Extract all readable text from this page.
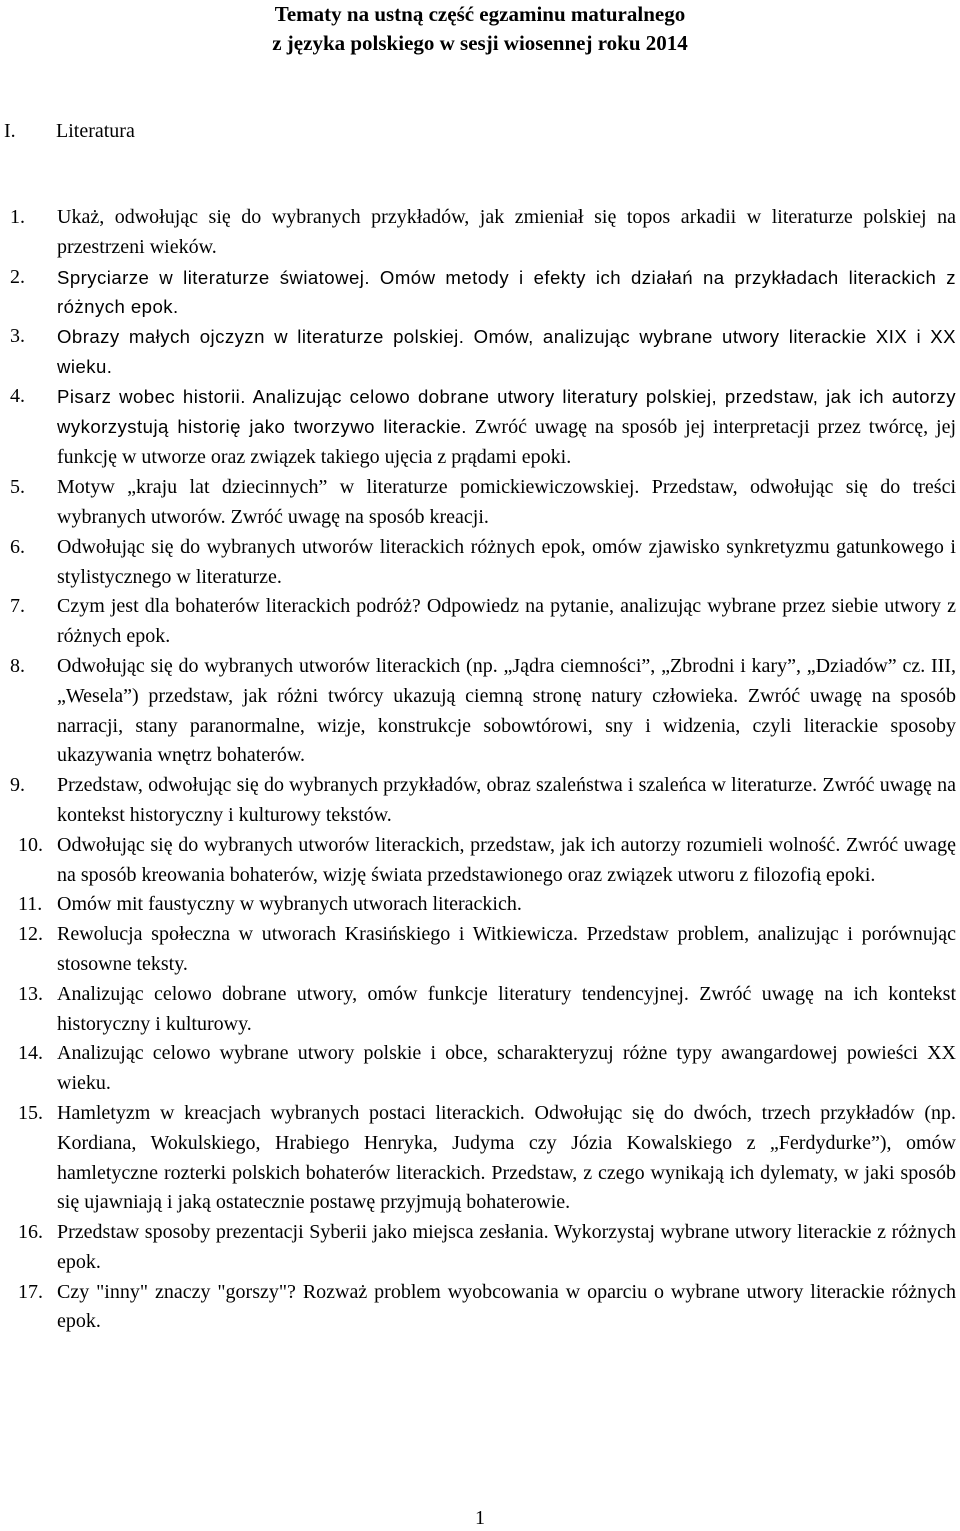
Tematy na ustną część egzaminu maturalnego
z języka polskiego w sesji wiosennej roku 2014
I. Literatura
1. Ukaż, odwołując się do wybranych przykładów, jak zmieniał się topos arkadii w literaturze polskiej na przestrzeni wieków.
2. Spryciarze w literaturze światowej. Omów metody i efekty ich działań na przykładach literackich z różnych epok.
3. Obrazy małych ojczyzn w literaturze polskiej. Omów, analizując wybrane utwory literackie XIX i XX wieku.
4. Pisarz wobec historii. Analizując celowo dobrane utwory literatury polskiej, przedstaw, jak ich autorzy wykorzystują historię jako tworzywo literackie. Zwróć uwagę na sposób jej interpretacji przez twórcę, jej funkcję w utworze oraz związek takiego ujęcia z prądami epoki.
5. Motyw „kraju lat dziecinnych” w literaturze pomickiewiczowskiej. Przedstaw, odwołując się do treści wybranych utworów. Zwróć uwagę na sposób kreacji.
6. Odwołując się do wybranych utworów literackich różnych epok, omów zjawisko synkretyzmu gatunkowego i stylistycznego w literaturze.
7. Czym jest dla bohaterów literackich podróż? Odpowiedz na pytanie, analizując wybrane przez siebie utwory z różnych epok.
8. Odwołując się do wybranych utworów literackich (np. „Jądra ciemności”, „Zbrodni i kary”, „Dziadów” cz. III, „Wesela”) przedstaw, jak różni twórcy ukazują ciemną stronę natury człowieka. Zwróć uwagę na sposób narracji, stany paranormalne, wizje, konstrukcje sobowtórowi, sny i widzenia, czyli literackie sposoby ukazywania wnętrz bohaterów.
9. Przedstaw, odwołując się do wybranych przykładów, obraz szaleństwa i szaleńca w literaturze. Zwróć uwagę na kontekst historyczny i kulturowy tekstów.
10. Odwołując się do wybranych utworów literackich, przedstaw, jak ich autorzy rozumieli wolność. Zwróć uwagę na sposób kreowania bohaterów, wizję świata przedstawionego oraz związek utworu z filozofią epoki.
11. Omów mit faustyczny w wybranych utworach literackich.
12. Rewolucja społeczna w utworach Krasińskiego i Witkiewicza. Przedstaw problem, analizując i porównując stosowne teksty.
13. Analizując celowo dobrane utwory, omów funkcje literatury tendencyjnej. Zwróć uwagę na ich kontekst historyczny i kulturowy.
14. Analizując celowo wybrane utwory polskie i obce, scharakteryzuj różne typy awangardowej powieści XX wieku.
15. Hamletyzm w kreacjach wybranych postaci literackich. Odwołując się do dwóch, trzech przykładów (np. Kordiana, Wokulskiego, Hrabiego Henryka, Judyma czy Józia Kowalskiego z „Ferdydurke”), omów hamletyczne rozterki polskich bohaterów literackich. Przedstaw, z czego wynikają ich dylematy, w jaki sposób się ujawniają i jaką ostatecznie postawę przyjmują bohaterowie.
16. Przedstaw sposoby prezentacji Syberii jako miejsca zesłania. Wykorzystaj wybrane utwory literackie z różnych epok.
17. Czy "inny" znaczy "gorszy"? Rozważ problem wyobcowania w oparciu o wybrane utwory literackie różnych epok.
1
